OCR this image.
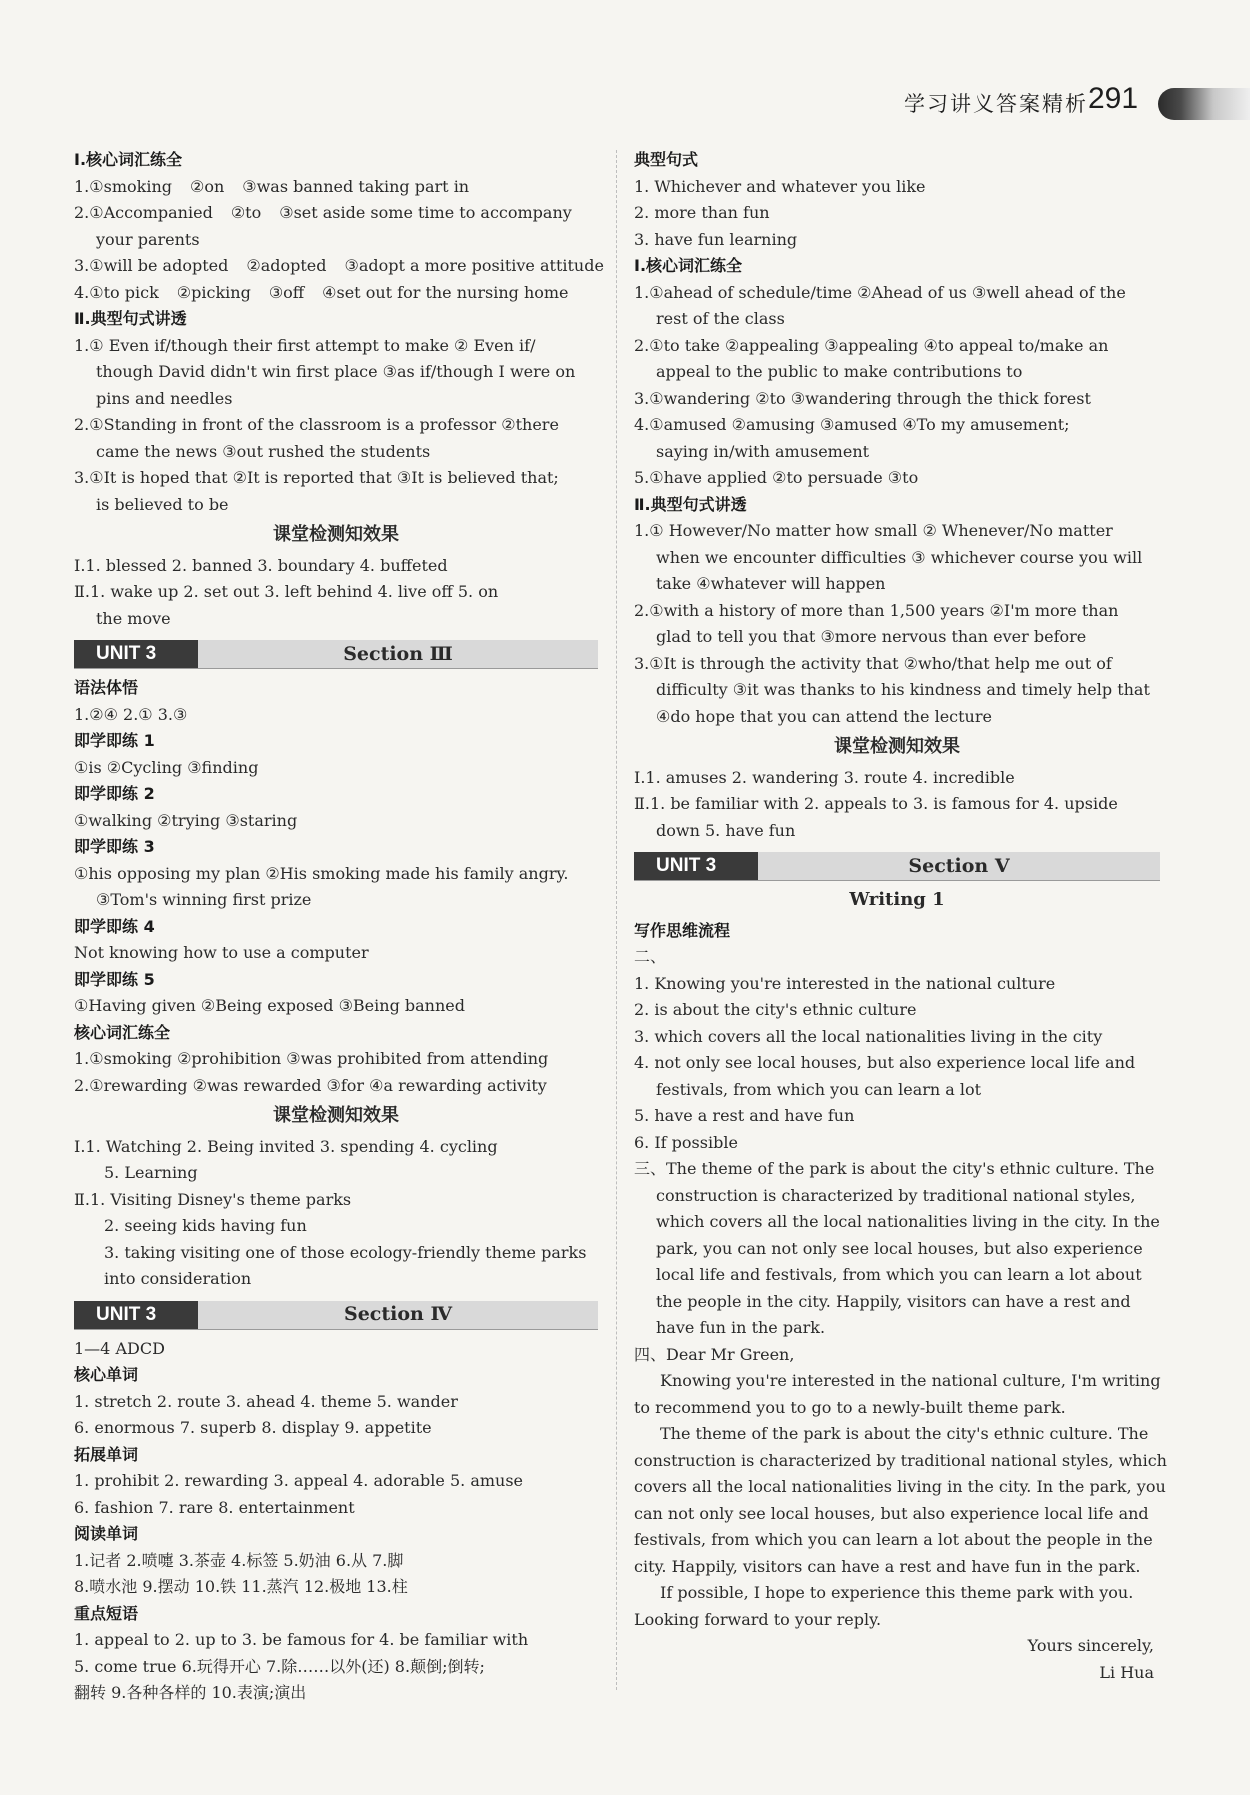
学习讲义答案精析 291
Ⅰ.核心词汇练全
1.①smoking ②on ③was banned taking part in
2.①Accompanied ②to ③set aside some time to accompany
your parents
3.①will be adopted ②adopted ③adopt a more positive attitude
4.①to pick ②picking ③off ④set out for the nursing home
Ⅱ.典型句式讲透
1.① Even if/though their first attempt to make ② Even if/
though David didn't win first place ③as if/though I were on
pins and needles
2.①Standing in front of the classroom is a professor ②there
came the news ③out rushed the students
3.①It is hoped that ②It is reported that ③It is believed that;
is believed to be
课堂检测知效果
Ⅰ.1. blessed 2. banned 3. boundary 4. buffeted
Ⅱ.1. wake up 2. set out 3. left behind 4. live off 5. on
the move
UNIT 3	Section Ⅲ
语法体悟
1.②④ 2.① 3.③
即学即练 1
①is ②Cycling ③finding
即学即练 2
①walking ②trying ③staring
即学即练 3
①his opposing my plan ②His smoking made his family angry.
③Tom's winning first prize
即学即练 4
Not knowing how to use a computer
即学即练 5
①Having given ②Being exposed ③Being banned
核心词汇练全
1.①smoking ②prohibition ③was prohibited from attending
2.①rewarding ②was rewarded ③for ④a rewarding activity
课堂检测知效果
Ⅰ.1. Watching 2. Being invited 3. spending 4. cycling
5. Learning
Ⅱ.1. Visiting Disney's theme parks
2. seeing kids having fun
3. taking visiting one of those ecology-friendly theme parks
into consideration
UNIT 3	Section Ⅳ
1—4 ADCD
核心单词
1. stretch 2. route 3. ahead 4. theme 5. wander
6. enormous 7. superb 8. display 9. appetite
拓展单词
1. prohibit 2. rewarding 3. appeal 4. adorable 5. amuse
6. fashion 7. rare 8. entertainment
阅读单词
1.记者 2.喷嚏 3.茶壶 4.标签 5.奶油 6.从 7.脚
8.喷水池 9.摆动 10.铁 11.蒸汽 12.极地 13.柱
重点短语
1. appeal to 2. up to 3. be famous for 4. be familiar with
5. come true 6.玩得开心 7.除……以外(还) 8.颠倒;倒转;
翻转 9.各种各样的 10.表演;演出
典型句式
1. Whichever and whatever you like
2. more than fun
3. have fun learning
Ⅰ.核心词汇练全
1.①ahead of schedule/time ②Ahead of us ③well ahead of the
rest of the class
2.①to take ②appealing ③appealing ④to appeal to/make an
appeal to the public to make contributions to
3.①wandering ②to ③wandering through the thick forest
4.①amused ②amusing ③amused ④To my amusement;
saying in/with amusement
5.①have applied ②to persuade ③to
Ⅱ.典型句式讲透
1.① However/No matter how small ② Whenever/No matter
when we encounter difficulties ③ whichever course you will
take ④whatever will happen
2.①with a history of more than 1,500 years ②I'm more than
glad to tell you that ③more nervous than ever before
3.①It is through the activity that ②who/that help me out of
difficulty ③it was thanks to his kindness and timely help that
④do hope that you can attend the lecture
课堂检测知效果
Ⅰ.1. amuses 2. wandering 3. route 4. incredible
Ⅱ.1. be familiar with 2. appeals to 3. is famous for 4. upside
down 5. have fun
UNIT 3	Section Ⅴ
Writing 1
写作思维流程
二、
1. Knowing you're interested in the national culture
2. is about the city's ethnic culture
3. which covers all the local nationalities living in the city
4. not only see local houses, but also experience local life and
festivals, from which you can learn a lot
5. have a rest and have fun
6. If possible
三、The theme of the park is about the city's ethnic culture. The
construction is characterized by traditional national styles,
which covers all the local nationalities living in the city. In the
park, you can not only see local houses, but also experience
local life and festivals, from which you can learn a lot about
the people in the city. Happily, visitors can have a rest and
have fun in the park.
四、Dear Mr Green,
Knowing you're interested in the national culture, I'm writing
to recommend you to go to a newly-built theme park.
The theme of the park is about the city's ethnic culture. The
construction is characterized by traditional national styles, which
covers all the local nationalities living in the city. In the park, you
can not only see local houses, but also experience local life and
festivals, from which you can learn a lot about the people in the
city. Happily, visitors can have a rest and have fun in the park.
If possible, I hope to experience this theme park with you.
Looking forward to your reply.
Yours sincerely,
Li Hua
